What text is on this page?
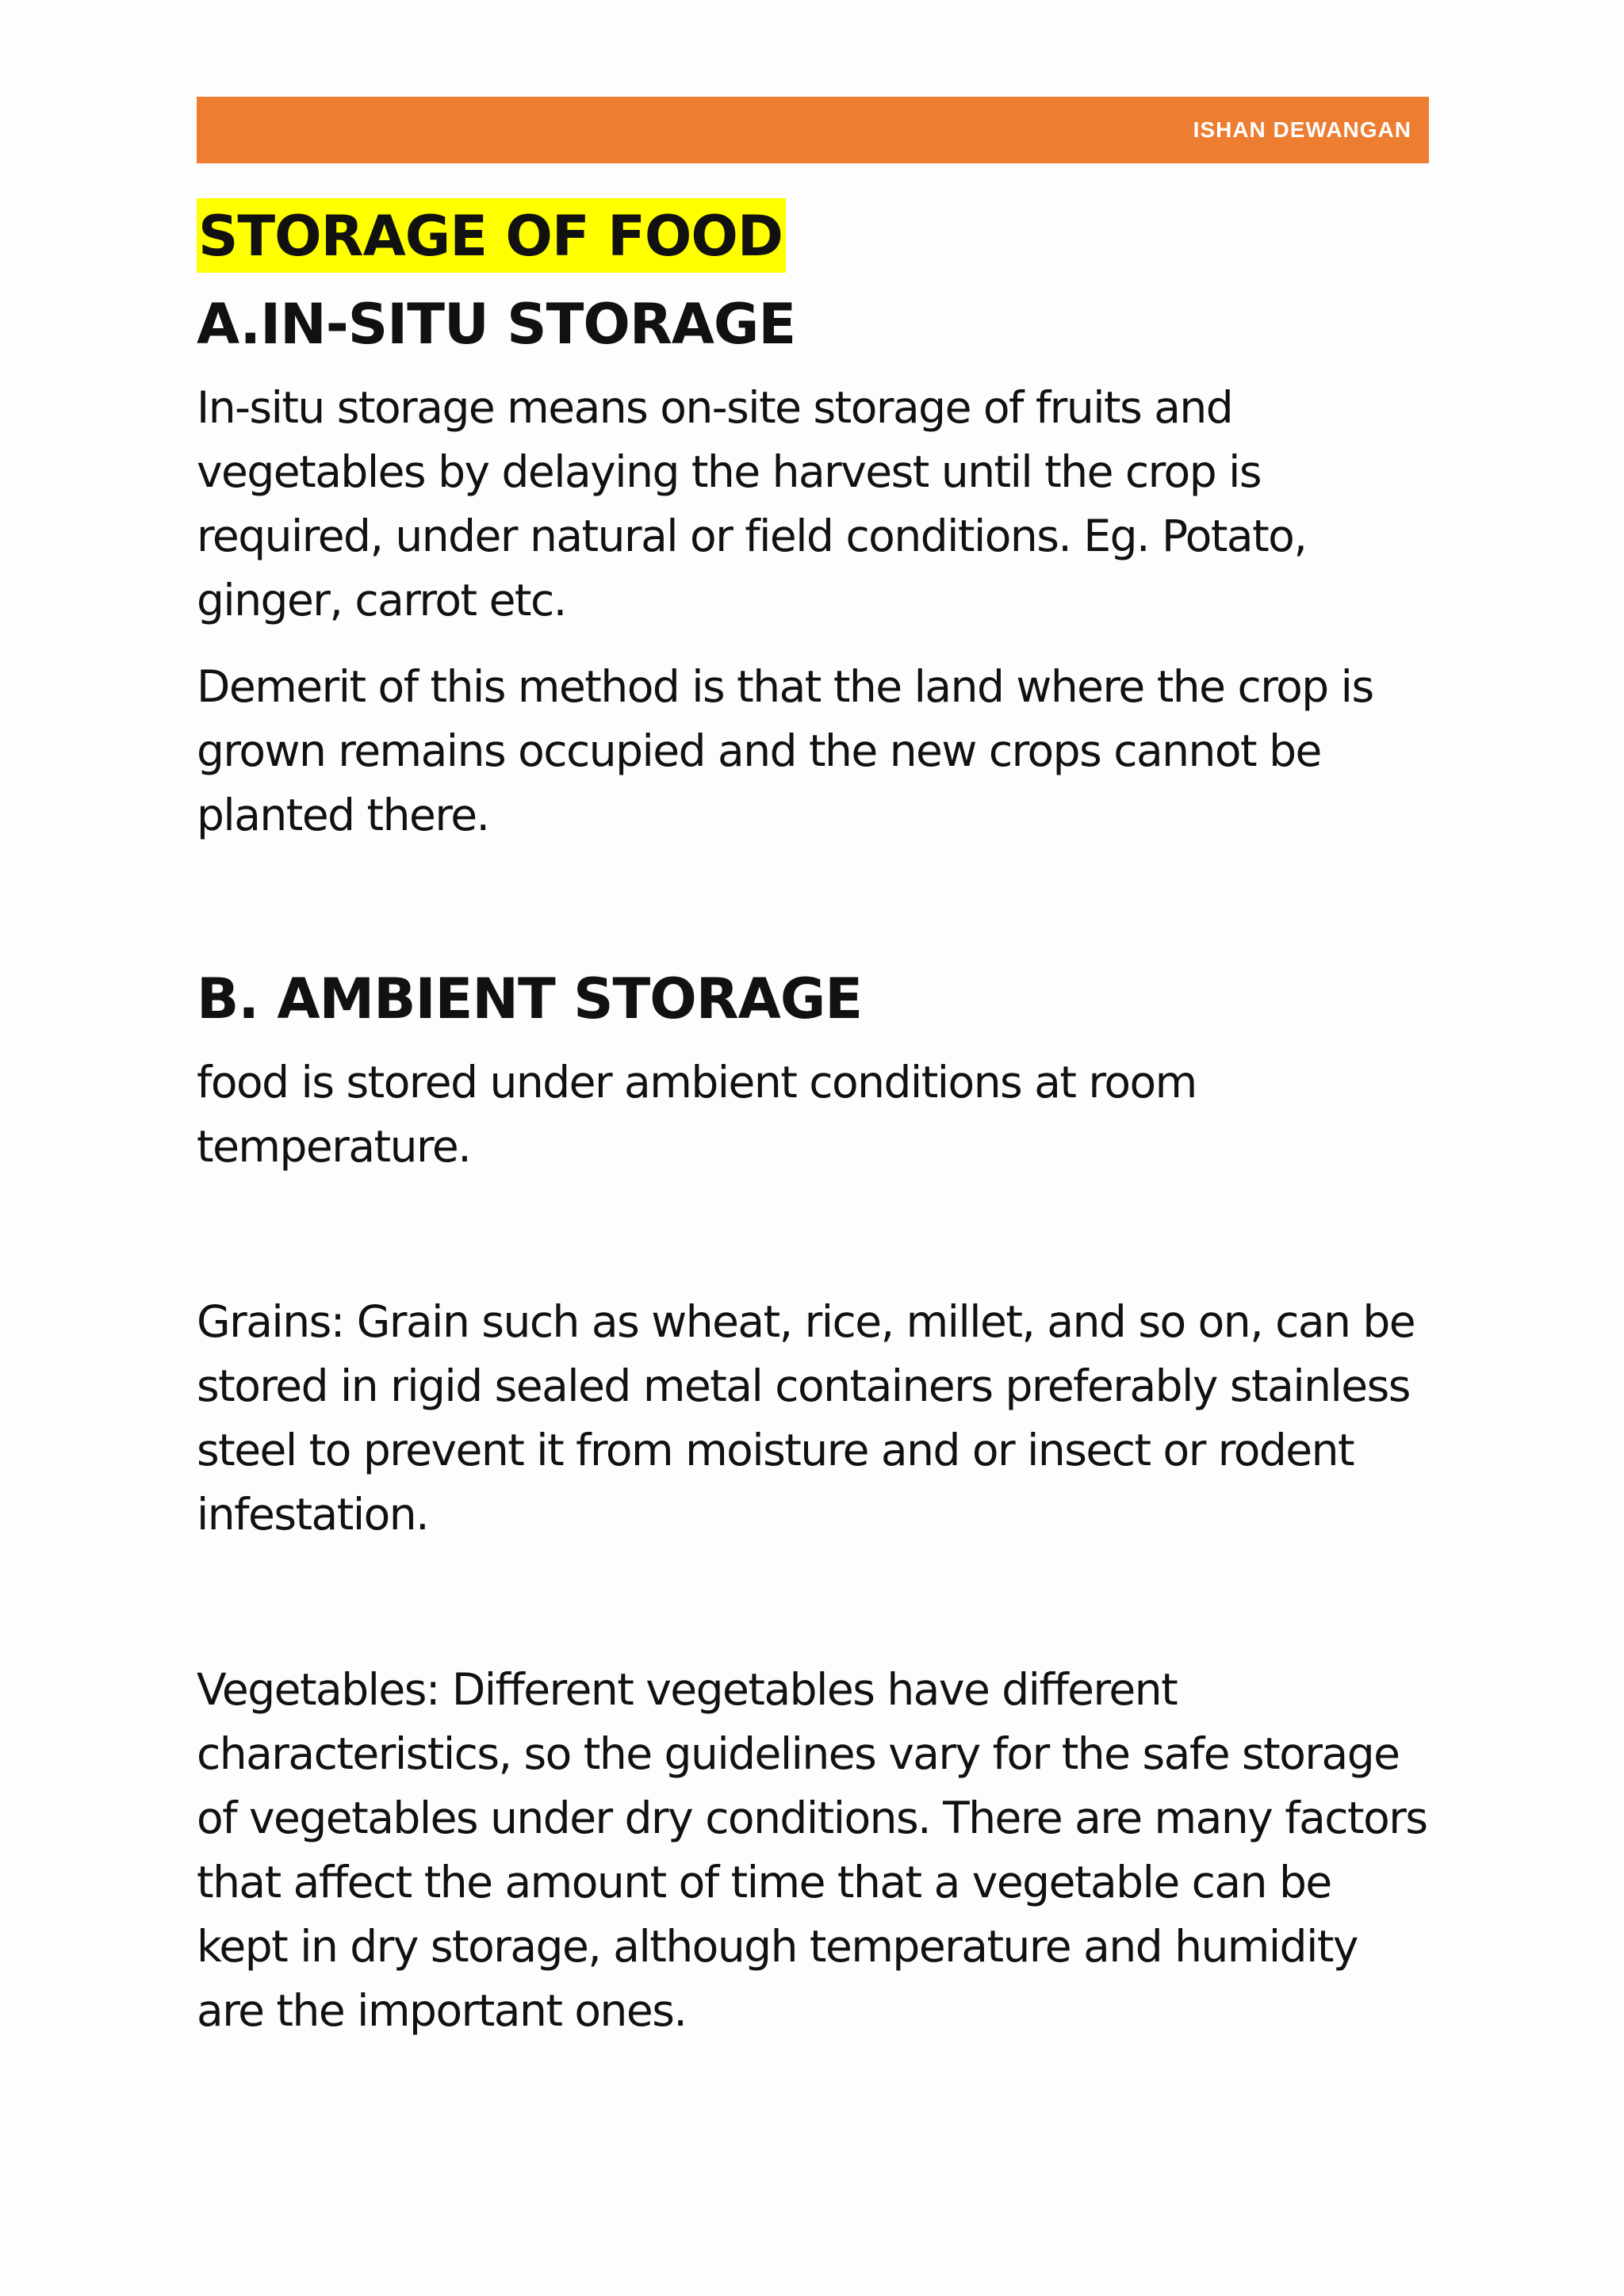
ISHAN DEWANGAN
STORAGE OF FOOD
A.IN-SITU STORAGE

In-situ storage means on-site storage of fruits and vegetables by delaying the harvest until the crop is required, under natural or field conditions. Eg. Potato, ginger, carrot etc.

Demerit of this method is that the land where the crop is grown remains occupied and the new crops cannot be planted there.

B. AMBIENT STORAGE

food is stored under ambient conditions at room temperature.

Grains: Grain such as wheat, rice, millet, and so on, can be stored in rigid sealed metal containers preferably stainless steel to prevent it from moisture and or insect or rodent infestation.

Vegetables: Different vegetables have different characteristics, so the guidelines vary for the safe storage of vegetables under dry conditions. There are many factors that affect the amount of time that a vegetable can be kept in dry storage, although temperature and humidity are the important ones.
